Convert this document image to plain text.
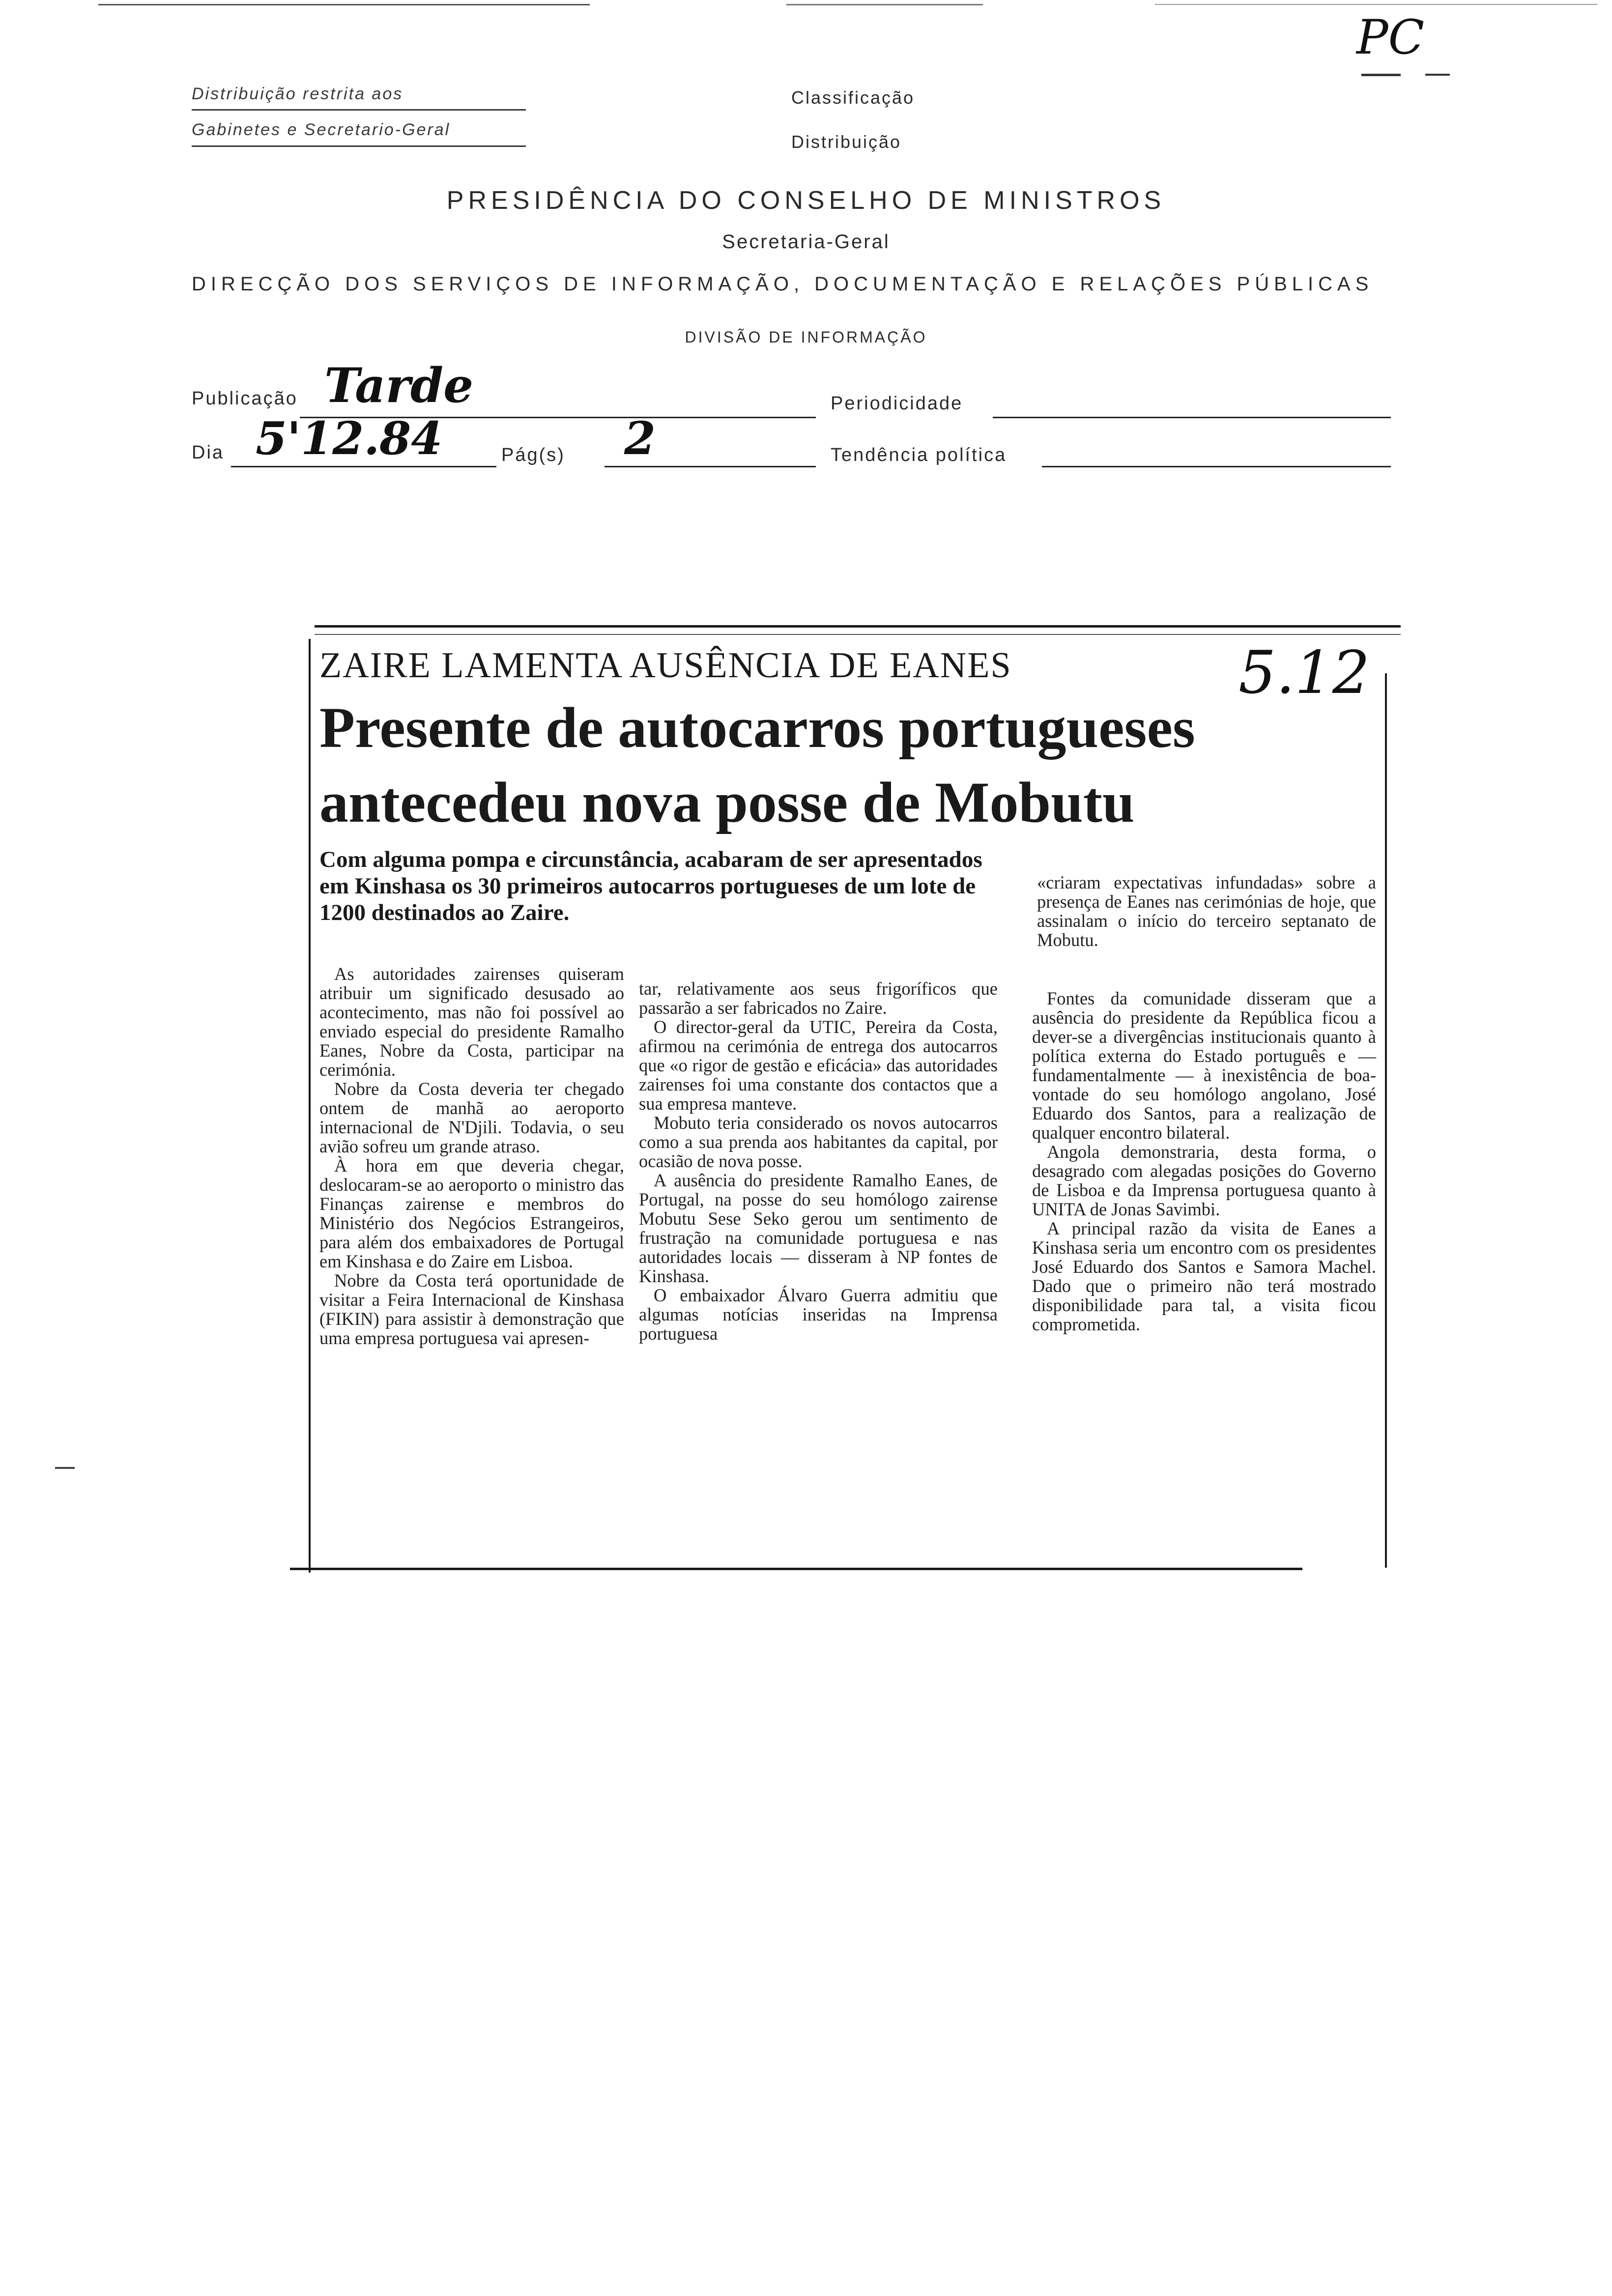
PC
Distribuição restrita aos
Gabinetes e Secretario-Geral
Classificação
Distribuição
PRESIDÊNCIA DO CONSELHO DE MINISTROS
Secretaria-Geral
DIRECÇÃO DOS SERVIÇOS DE INFORMAÇÃO, DOCUMENTAÇÃO E RELAÇÕES PÚBLICAS
DIVISÃO DE INFORMAÇÃO
Publicação Tarde	Periodicidade
Dia 5'12.84	Pág(s) 2	Tendência política
ZAIRE LAMENTA AUSÊNCIA DE EANES	5.12
Presente de autocarros portugueses
antecedeu nova posse de Mobutu
Com alguma pompa e circunstância, acabaram de ser apresentados em Kinshasa os 30 primeiros autocarros portugueses de um lote de 1200 destinados ao Zaire.
«criaram expectativas infundadas» sobre a presença de Eanes nas cerimónias de hoje, que assinalam o início do terceiro septanato de Mobutu.

As autoridades zairenses quiseram atribuir um significado desusado ao acontecimento, mas não foi possível ao enviado especial do presidente Ramalho Eanes, Nobre da Costa, participar na cerimónia.

Nobre da Costa deveria ter chegado ontem de manhã ao aeroporto internacional de N'Djili. Todavia, o seu avião sofreu um grande atraso.

À hora em que deveria chegar, deslocaram-se ao aeroporto o ministro das Finanças zairense e membros do Ministério dos Negócios Estrangeiros, para além dos embaixadores de Portugal em Kinshasa e do Zaire em Lisboa.

Nobre da Costa terá oportunidade de visitar a Feira Internacional de Kinshasa (FIKIN) para assistir à demonstração que uma empresa portuguesa vai apresen-

tar, relativamente aos seus frigoríficos que passarão a ser fabricados no Zaire.

O director-geral da UTIC, Pereira da Costa, afirmou na cerimónia de entrega dos autocarros que «o rigor de gestão e eficácia» das autoridades zairenses foi uma constante dos contactos que a sua empresa manteve.

Mobuto teria considerado os novos autocarros como a sua prenda aos habitantes da capital, por ocasião de nova posse.

A ausência do presidente Ramalho Eanes, de Portugal, na posse do seu homólogo zairense Mobutu Sese Seko gerou um sentimento de frustração na comunidade portuguesa e nas autoridades locais — disseram à NP fontes de Kinshasa.

O embaixador Álvaro Guerra admitiu que algumas notícias inseridas na Imprensa portuguesa

Fontes da comunidade disseram que a ausência do presidente da República ficou a dever-se a divergências institucionais quanto à política externa do Estado português e — fundamentalmente — à inexistência de boa-vontade do seu homólogo angolano, José Eduardo dos Santos, para a realização de qualquer encontro bilateral.

Angola demonstraria, desta forma, o desagrado com alegadas posições do Governo de Lisboa e da Imprensa portuguesa quanto à UNITA de Jonas Savimbi.

A principal razão da visita de Eanes a Kinshasa seria um encontro com os presidentes José Eduardo dos Santos e Samora Machel. Dado que o primeiro não terá mostrado disponibilidade para tal, a visita ficou comprometida.
